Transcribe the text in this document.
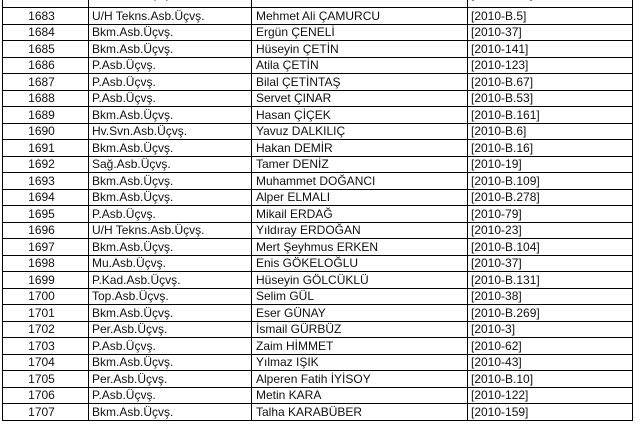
1683	U/H Tekns.Asb.Üçvş.	Mehmet Ali ÇAMURCU	[2010-B.5]
1684	Bkm.Asb.Üçvş.	Ergün ÇENELİ	[2010-37]
1685	Bkm.Asb.Üçvş.	Hüseyin ÇETİN	[2010-141]
1686	P.Asb.Üçvş.	Atila ÇETİN	[2010-123]
1687	P.Asb.Üçvş.	Bilal ÇETİNTAŞ	[2010-B.67]
1688	P.Asb.Üçvş.	Servet ÇINAR	[2010-B.53]
1689	Bkm.Asb.Üçvş.	Hasan ÇİÇEK	[2010-B.161]
1690	Hv.Svn.Asb.Üçvş.	Yavuz DALKILIÇ	[2010-B.6]
1691	Bkm.Asb.Üçvş.	Hakan DEMİR	[2010-B.16]
1692	Sağ.Asb.Üçvş.	Tamer DENİZ	[2010-19]
1693	Bkm.Asb.Üçvş.	Muhammet DOĞANCI	[2010-B.109]
1694	Bkm.Asb.Üçvş.	Alper ELMALI	[2010-B.278]
1695	P.Asb.Üçvş.	Mikail ERDAĞ	[2010-79]
1696	U/H Tekns.Asb.Üçvş.	Yıldıray ERDOĞAN	[2010-23]
1697	Bkm.Asb.Üçvş.	Mert Şeyhmus ERKEN	[2010-B.104]
1698	Mu.Asb.Üçvş.	Enis GÖKELOĞLU	[2010-37]
1699	P.Kad.Asb.Üçvş.	Hüseyin GÖLCÜKLÜ	[2010-B.131]
1700	Top.Asb.Üçvş.	Selim GÜL	[2010-38]
1701	Bkm.Asb.Üçvş.	Eser GÜNAY	[2010-B.269]
1702	Per.Asb.Üçvş.	İsmail GÜRBÜZ	[2010-3]
1703	P.Asb.Üçvş.	Zaim HİMMET	[2010-62]
1704	Bkm.Asb.Üçvş.	Yılmaz IŞIK	[2010-43]
1705	Per.Asb.Üçvş.	Alperen Fatih İYİSOY	[2010-B.10]
1706	P.Asb.Üçvş.	Metin KARA	[2010-122]
1707	Bkm.Asb.Üçvş.	Talha KARABÜBER	[2010-159]
